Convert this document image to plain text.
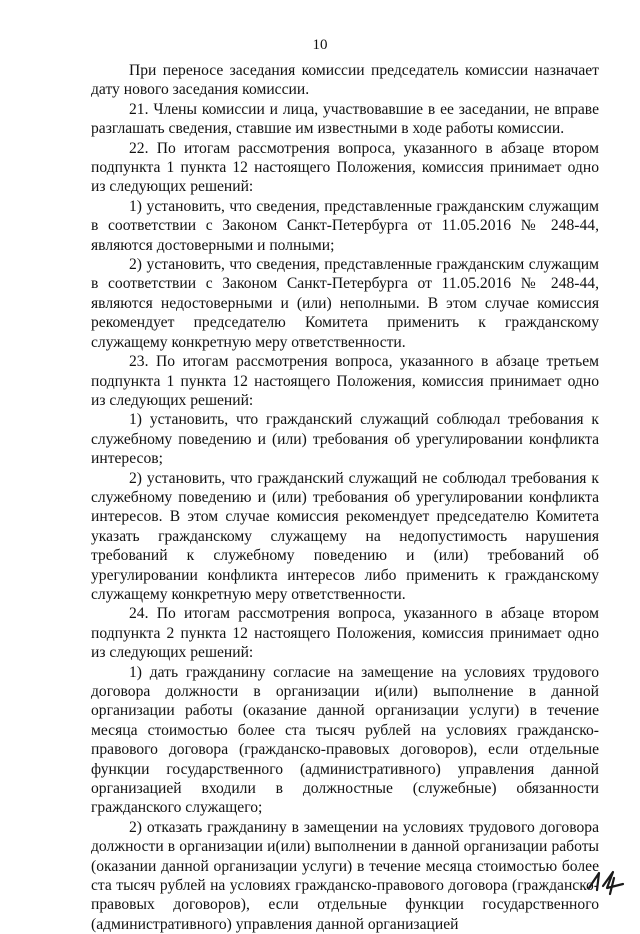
10

При переносе заседания комиссии председатель комиссии назначает дату нового заседания комиссии.

21. Члены комиссии и лица, участвовавшие в ее заседании, не вправе разглашать сведения, ставшие им известными в ходе работы комиссии.

22. По итогам рассмотрения вопроса, указанного в абзаце втором подпункта 1 пункта 12 настоящего Положения, комиссия принимает одно из следующих решений:

1) установить, что сведения, представленные гражданским служащим в соответствии с Законом Санкт-Петербурга от 11.05.2016 № 248-44, являются достоверными и полными;

2) установить, что сведения, представленные гражданским служащим в соответствии с Законом Санкт-Петербурга от 11.05.2016 № 248-44, являются недостоверными и (или) неполными. В этом случае комиссия рекомендует председателю Комитета применить к гражданскому служащему конкретную меру ответственности.

23. По итогам рассмотрения вопроса, указанного в абзаце третьем подпункта 1 пункта 12 настоящего Положения, комиссия принимает одно из следующих решений:

1) установить, что гражданский служащий соблюдал требования к служебному поведению и (или) требования об урегулировании конфликта интересов;

2) установить, что гражданский служащий не соблюдал требования к служебному поведению и (или) требования об урегулировании конфликта интересов. В этом случае комиссия рекомендует председателю Комитета указать гражданскому служащему на недопустимость нарушения требований к служебному поведению и (или) требований об урегулировании конфликта интересов либо применить к гражданскому служащему конкретную меру ответственности.

24. По итогам рассмотрения вопроса, указанного в абзаце втором подпункта 2 пункта 12 настоящего Положения, комиссия принимает одно из следующих решений:

1) дать гражданину согласие на замещение на условиях трудового договора должности в организации и(или) выполнение в данной организации работы (оказание данной организации услуги) в течение месяца стоимостью более ста тысяч рублей на условиях гражданско-правового договора (гражданско-правовых договоров), если отдельные функции государственного (административного) управления данной организацией входили в должностные (служебные) обязанности гражданского служащего;

2) отказать гражданину в замещении на условиях трудового договора должности в организации и(или) выполнении в данной организации работы (оказании данной организации услуги) в течение месяца стоимостью более ста тысяч рублей на условиях гражданско-правового договора (гражданско-правовых договоров), если отдельные функции государственного (административного) управления данной организацией
